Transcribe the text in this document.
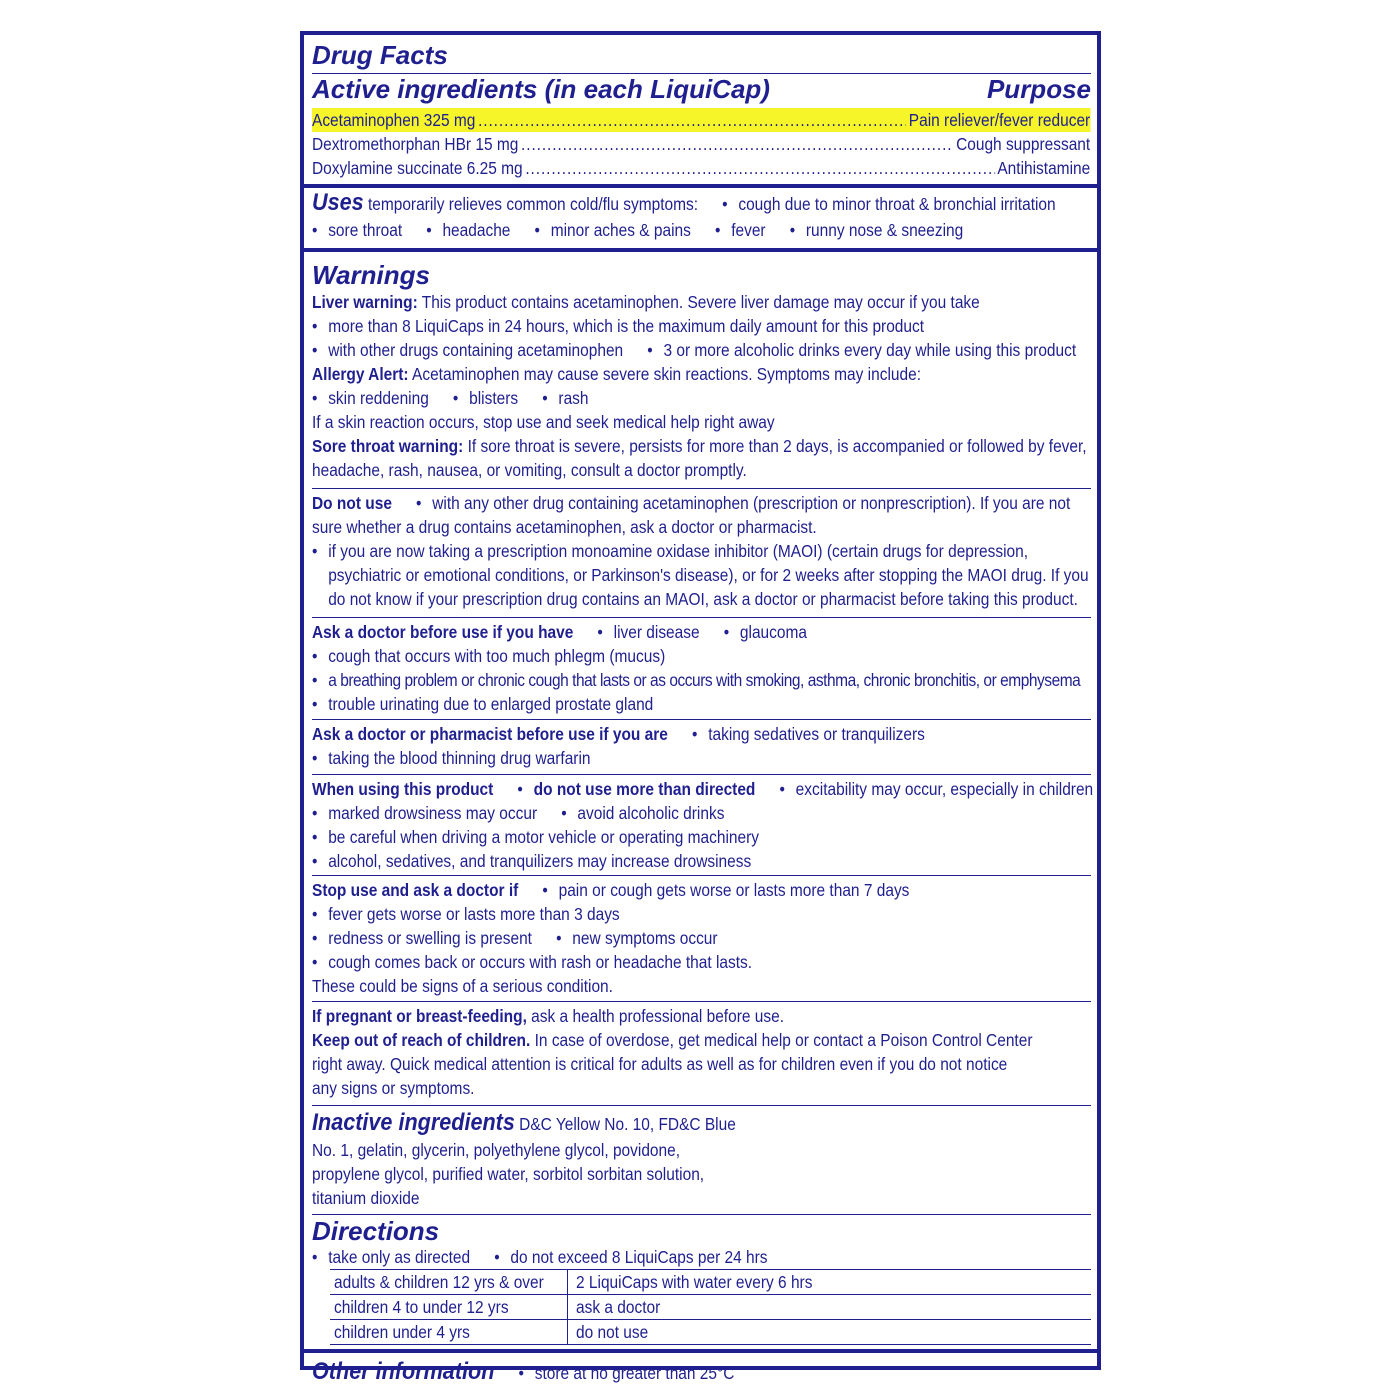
Drug Facts
Active ingredients (in each LiquiCap)	Purpose
Acetaminophen 325 mg .....	Pain reliever/fever reducer
Dextromethorphan HBr 15 mg .....	Cough suppressant
Doxylamine succinate 6.25 mg .....	Antihistamine
Uses temporarily relieves common cold/flu symptoms: • cough due to minor throat & bronchial irritation
• sore throat • headache • minor aches & pains • fever • runny nose & sneezing
Warnings
Liver warning: This product contains acetaminophen. Severe liver damage may occur if you take
• more than 8 LiquiCaps in 24 hours, which is the maximum daily amount for this product
• with other drugs containing acetaminophen • 3 or more alcoholic drinks every day while using this product
Allergy Alert: Acetaminophen may cause severe skin reactions. Symptoms may include:
• skin reddening • blisters • rash
If a skin reaction occurs, stop use and seek medical help right away
Sore throat warning: If sore throat is severe, persists for more than 2 days, is accompanied or followed by fever,
headache, rash, nausea, or vomiting, consult a doctor promptly.
Do not use • with any other drug containing acetaminophen (prescription or nonprescription). If you are not
sure whether a drug contains acetaminophen, ask a doctor or pharmacist.
• if you are now taking a prescription monoamine oxidase inhibitor (MAOI) (certain drugs for depression,
psychiatric or emotional conditions, or Parkinson's disease), or for 2 weeks after stopping the MAOI drug. If you
do not know if your prescription drug contains an MAOI, ask a doctor or pharmacist before taking this product.
Ask a doctor before use if you have • liver disease • glaucoma
• cough that occurs with too much phlegm (mucus)
• a breathing problem or chronic cough that lasts or as occurs with smoking, asthma, chronic bronchitis, or emphysema
• trouble urinating due to enlarged prostate gland
Ask a doctor or pharmacist before use if you are • taking sedatives or tranquilizers
• taking the blood thinning drug warfarin
When using this product • do not use more than directed • excitability may occur, especially in children
• marked drowsiness may occur • avoid alcoholic drinks
• be careful when driving a motor vehicle or operating machinery
• alcohol, sedatives, and tranquilizers may increase drowsiness
Stop use and ask a doctor if • pain or cough gets worse or lasts more than 7 days
• fever gets worse or lasts more than 3 days
• redness or swelling is present • new symptoms occur
• cough comes back or occurs with rash or headache that lasts.
These could be signs of a serious condition.
If pregnant or breast-feeding, ask a health professional before use.
Keep out of reach of children. In case of overdose, get medical help or contact a Poison Control Center
right away. Quick medical attention is critical for adults as well as for children even if you do not notice
any signs or symptoms.
Inactive ingredients D&C Yellow No. 10, FD&C Blue
No. 1, gelatin, glycerin, polyethylene glycol, povidone,
propylene glycol, purified water, sorbitol sorbitan solution,
titanium dioxide
Directions
• take only as directed • do not exceed 8 LiquiCaps per 24 hrs
adults & children 12 yrs & over	2 LiquiCaps with water every 6 hrs
children 4 to under 12 yrs	ask a doctor
children under 4 yrs	do not use
Other information • store at no greater than 25°C
